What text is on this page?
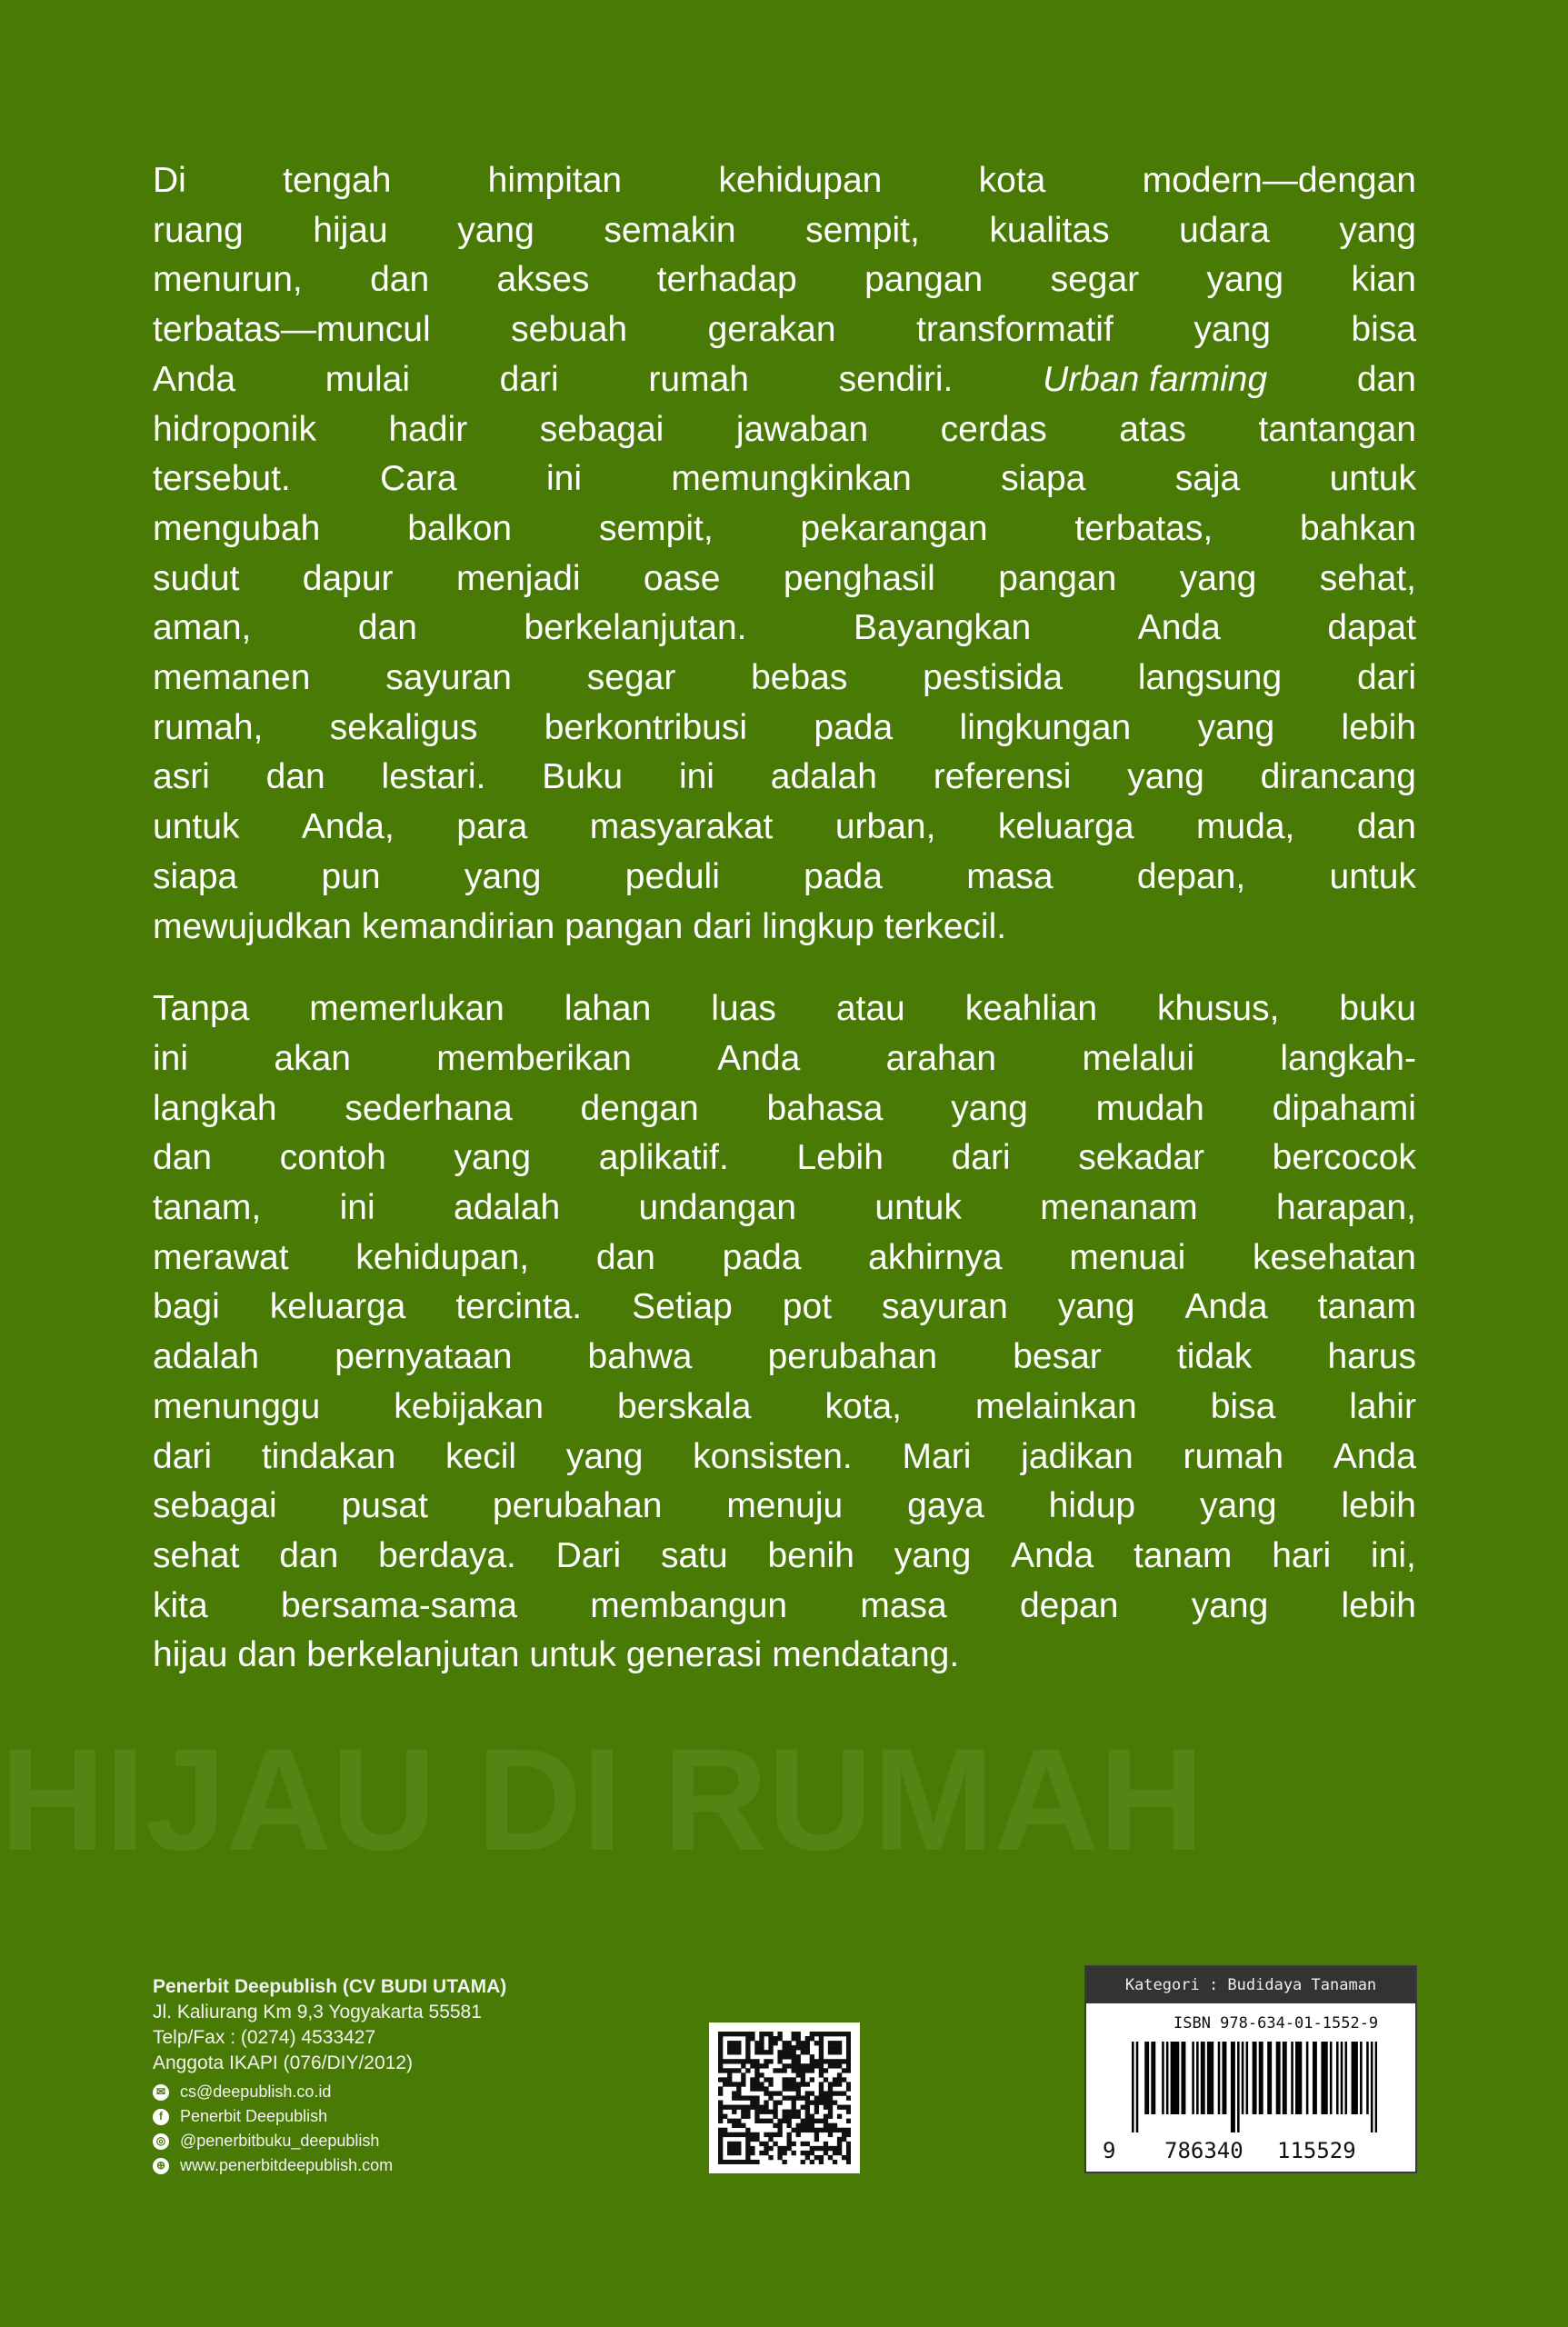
HIJAU DI RUMAH
Di	tengah	himpitan	kehidupan	kota	modern—dengan
ruang hijau yang semakin sempit, kualitas udara yang
menurun, dan akses terhadap pangan segar yang kian
terbatas—muncul sebuah gerakan transformatif yang bisa
Anda	mulai	dari	rumah	sendiri.	Urban farming	dan
hidroponik hadir sebagai jawaban cerdas atas tantangan
tersebut.	Cara	ini	memungkinkan	siapa	saja	untuk
mengubah balkon sempit, pekarangan terbatas, bahkan
sudut dapur menjadi oase penghasil pangan yang sehat,
aman,	dan	berkelanjutan.	Bayangkan	Anda	dapat
memanen sayuran segar bebas pestisida langsung dari
rumah, sekaligus berkontribusi pada lingkungan yang lebih
asri dan lestari. Buku ini adalah referensi yang dirancang
untuk Anda, para masyarakat urban, keluarga muda, dan
siapa pun yang peduli pada masa depan, untuk
mewujudkan kemandirian pangan dari lingkup terkecil.
Tanpa memerlukan lahan luas atau keahlian khusus, buku
ini akan memberikan Anda arahan melalui langkah-
langkah sederhana dengan bahasa yang mudah dipahami
dan contoh yang aplikatif. Lebih dari sekadar bercocok
tanam, ini adalah undangan untuk menanam harapan,
merawat kehidupan, dan pada akhirnya menuai kesehatan
bagi keluarga tercinta. Setiap pot sayuran yang Anda tanam
adalah pernyataan bahwa perubahan besar tidak harus
menunggu kebijakan berskala kota, melainkan bisa lahir
dari tindakan kecil yang konsisten. Mari jadikan rumah Anda
sebagai pusat perubahan menuju gaya hidup yang lebih
sehat dan berdaya. Dari satu benih yang Anda tanam hari ini,
kita bersama-sama membangun masa depan yang lebih
hijau dan berkelanjutan untuk generasi mendatang.
Penerbit Deepublish (CV BUDI UTAMA)
Jl. Kaliurang Km 9,3 Yogyakarta 55581
Telp/Fax : (0274) 4533427
Anggota IKAPI (076/DIY/2012)
✉ cs@deepublish.co.id
f	Penerbit Deepublish
◎ @penerbitbuku_deepublish
⊕ www.penerbitdeepublish.com
Kategori : Budidaya Tanaman
ISBN 978-634-01-1552-9
9 786340 115529
